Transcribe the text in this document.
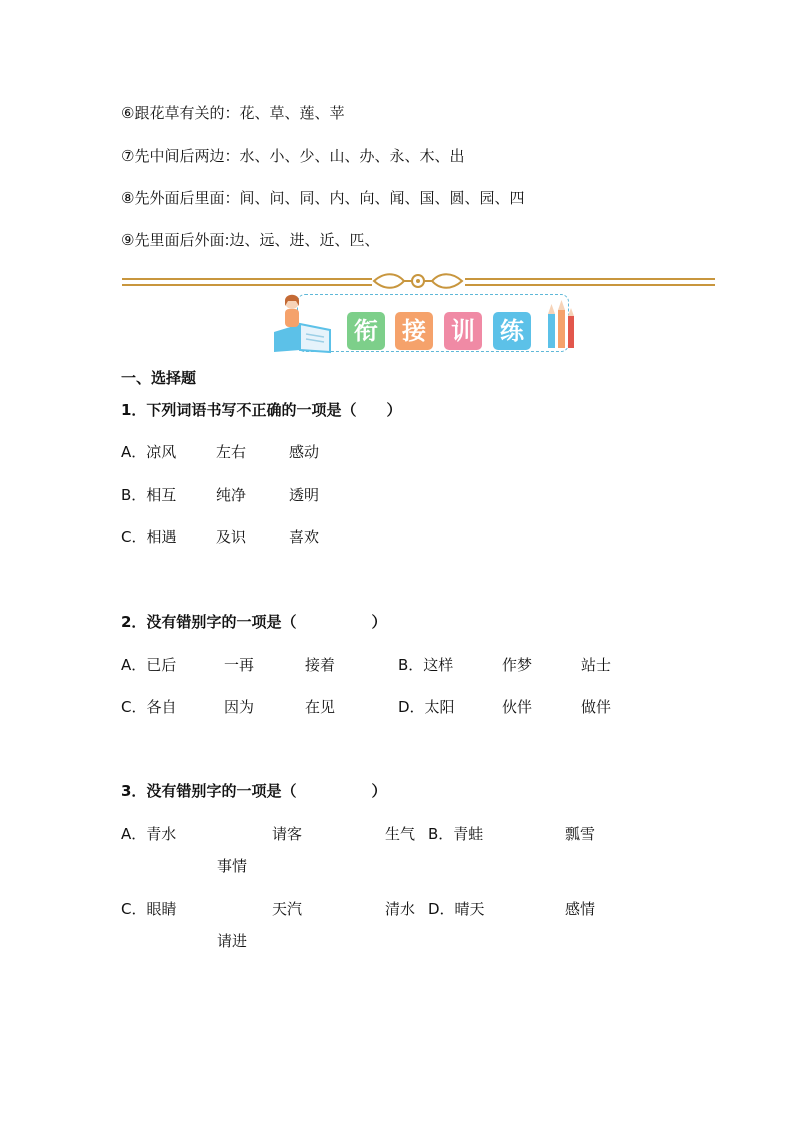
⑥跟花草有关的：花、草、莲、苹
⑦先中间后两边：水、小、少、山、办、永、木、出
⑧先外面后里面：间、问、同、内、向、闻、国、圆、园、四
⑨先里面后外面:边、远、进、近、匹、
衔 接 训 练
一、选择题
1．下列词语书写不正确的一项是（　　）
A．凉风	左右	感动
B．相互	纯净	透明
C．相遇	及识	喜欢
2．没有错别字的一项是（　　　　　）
A．已后	一再	接着	B．这样	作梦	站士
C．各自	因为	在见	D．太阳	伙伴	做伴
3．没有错别字的一项是（　　　　　）
A．青水	请客	生气 B．青蛙	瓢雪
事情
C．眼睛	天汽	清水 D．晴天	感情
请进
